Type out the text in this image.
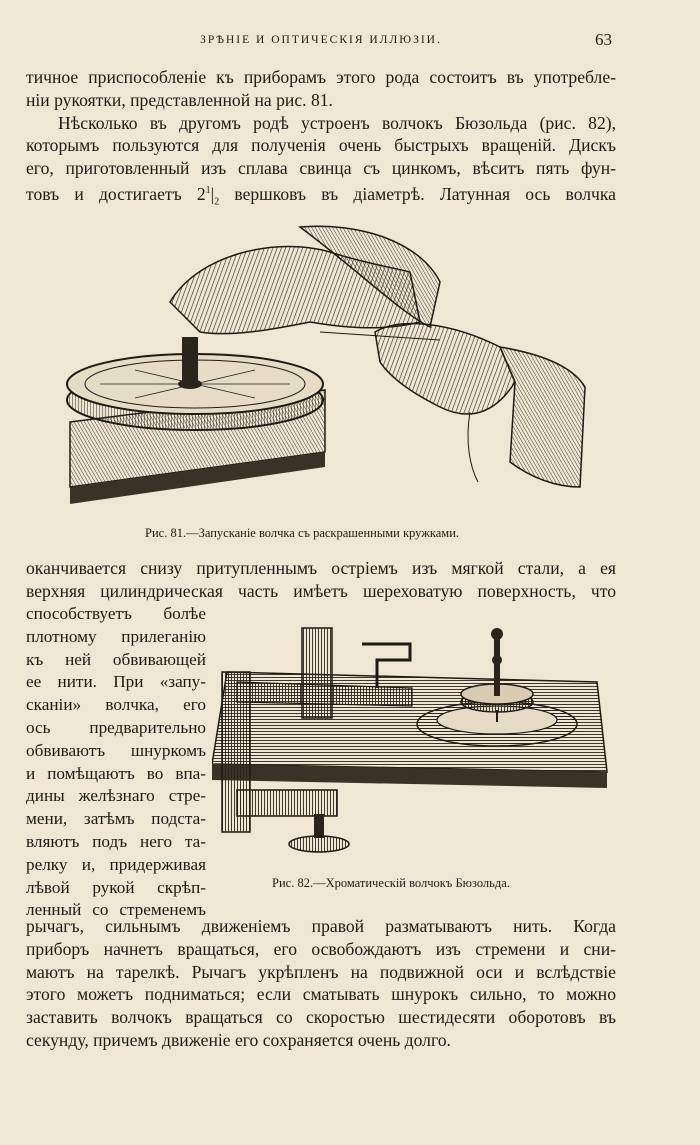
ЗРѢНІЕ И ОПТИЧЕСКІЯ ИЛЛЮЗІИ.	63
тичное приспособленіе къ приборамъ этого рода состоитъ въ употребле-
ніи рукоятки, представленной на рис. 81.
Нѣсколько въ другомъ родѣ устроенъ волчокъ Бюзольда (рис. 82),
которымъ пользуются для полученія очень быстрыхъ вращеній. Дискъ
его, приготовленный изъ сплава свинца съ цинкомъ, вѣситъ пять фун-
товъ и достигаетъ $2^1|_2$ вершковъ въ діаметрѣ. Латунная ось волчка
Рис. 81.—Запусканіе волчка съ раскрашенными кружками.
оканчивается снизу притупленнымъ остріемъ изъ мягкой стали, а ея
верхняя цилиндрическая часть имѣетъ шереховатую поверхность, что
способствуетъ болѣе
плотному прилеганію
къ ней обвивающей
ее нити. При «запу-
сканіи» волчка, его
ось предварительно
обвиваютъ шнуркомъ
и помѣщаютъ во впа-
дины желѣзнаго стре-
мени, затѣмъ подста-
вляютъ подъ него та-
релку и, придерживая
лѣвой рукой скрѣп-
ленный со стременемъ
Рис. 82.—Хроматическій волчокъ Бюзольда.
рычагъ, сильнымъ движеніемъ правой разматываютъ нить. Когда
приборъ начнетъ вращаться, его освобождаютъ изъ стремени и сни-
маютъ на тарелкѣ. Рычагъ укрѣпленъ на подвижной оси и вслѣдствіе
этого можетъ подниматься; если сматывать шнурокъ сильно, то можно
заставить волчокъ вращаться со скоростью шестидесяти оборотовъ въ
секунду, причемъ движеніе его сохраняется очень долго.
